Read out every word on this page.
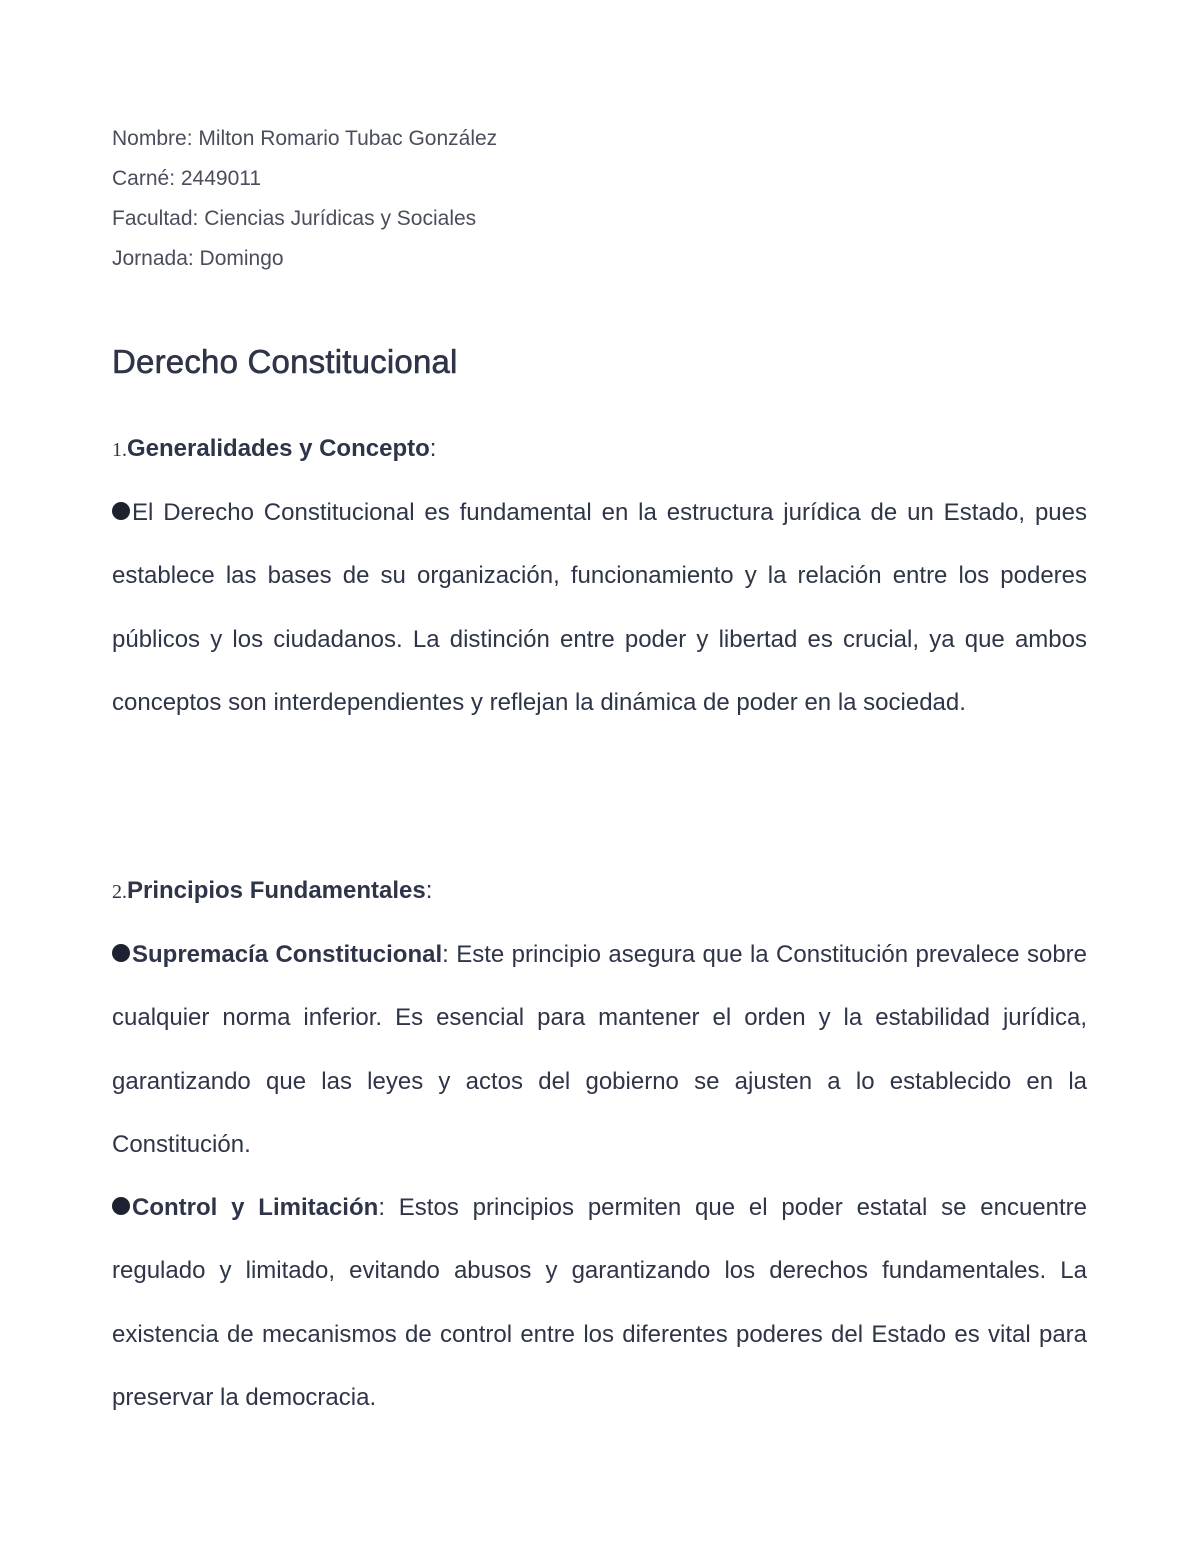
Nombre: Milton Romario Tubac González
Carné: 2449011
Facultad: Ciencias Jurídicas y Sociales
Jornada: Domingo
Derecho Constitucional
1.Generalidades y Concepto:

El Derecho Constitucional es fundamental en la estructura jurídica de un Estado, pues establece las bases de su organización, funcionamiento y la relación entre los poderes públicos y los ciudadanos. La distinción entre poder y libertad es crucial, ya que ambos conceptos son interdependientes y reflejan la dinámica de poder en la sociedad.

2.Principios Fundamentales:

Supremacía Constitucional: Este principio asegura que la Constitución prevalece sobre cualquier norma inferior. Es esencial para mantener el orden y la estabilidad jurídica, garantizando que las leyes y actos del gobierno se ajusten a lo establecido en la Constitución.

Control y Limitación: Estos principios permiten que el poder estatal se encuentre regulado y limitado, evitando abusos y garantizando los derechos fundamentales. La existencia de mecanismos de control entre los diferentes poderes del Estado es vital para preservar la democracia.
